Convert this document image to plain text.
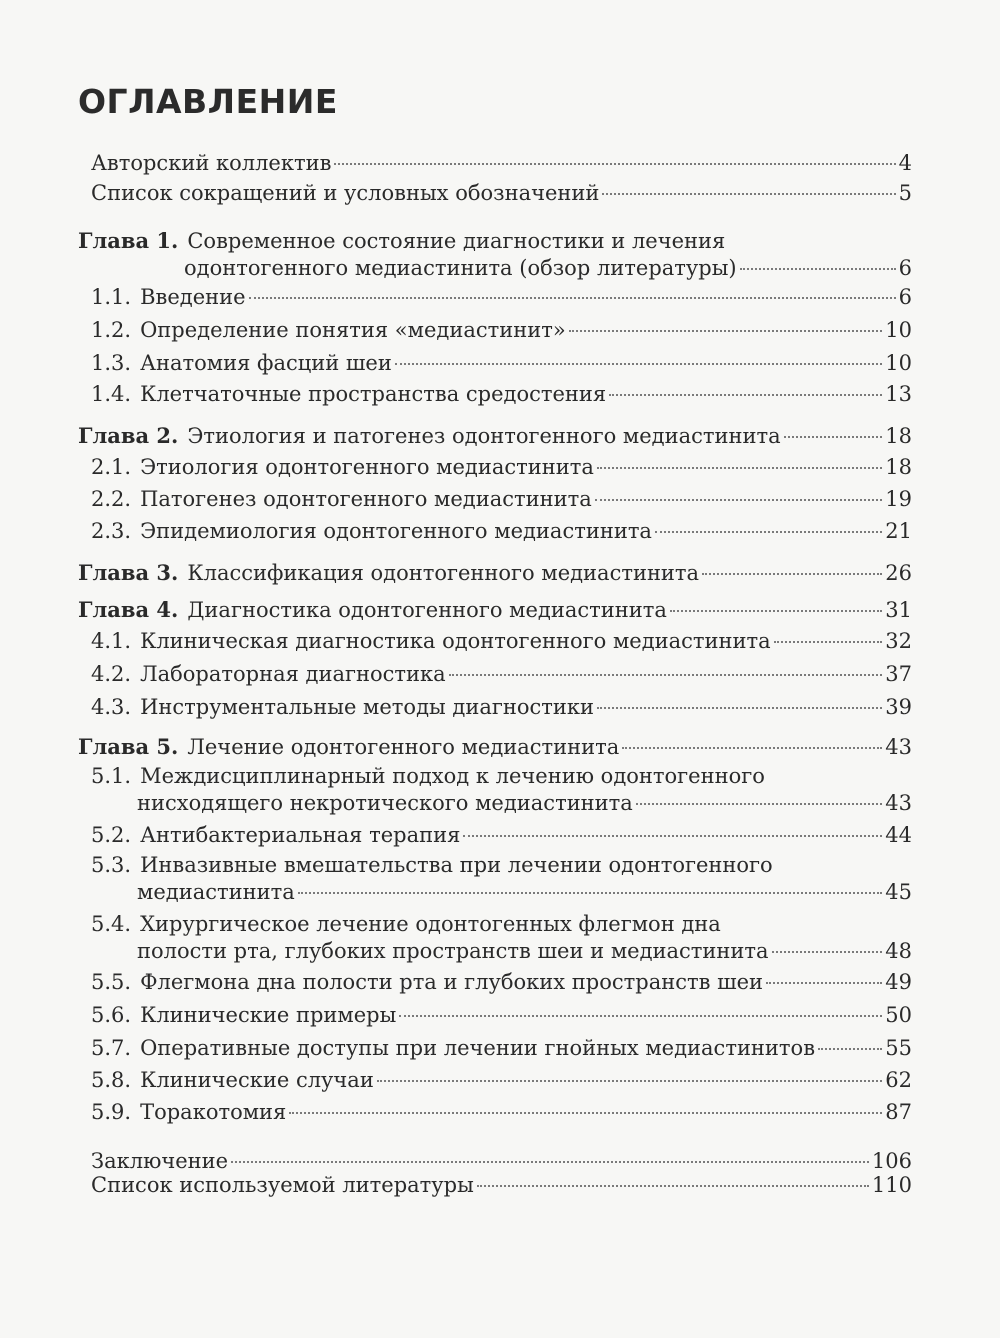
ОГЛАВЛЕНИЕ
Авторский коллектив	4
Список сокращений и условных обозначений	5
Глава 1. Современное состояние диагностики и лечения
одонтогенного медиастинита (обзор литературы)	6
1.1. Введение	6
1.2. Определение понятия «медиастинит»	10
1.3. Анатомия фасций шеи	10
1.4. Клетчаточные пространства средостения	13
Глава 2. Этиология и патогенез одонтогенного медиастинита	18
2.1. Этиология одонтогенного медиастинита	18
2.2. Патогенез одонтогенного медиастинита	19
2.3. Эпидемиология одонтогенного медиастинита	21
Глава 3. Классификация одонтогенного медиастинита	26
Глава 4. Диагностика одонтогенного медиастинита	31
4.1. Клиническая диагностика одонтогенного медиастинита	32
4.2. Лабораторная диагностика	37
4.3. Инструментальные методы диагностики	39
Глава 5. Лечение одонтогенного медиастинита	43
5.1. Междисциплинарный подход к лечению одонтогенного
нисходящего некротического медиастинита	43
5.2. Антибактериальная терапия	44
5.3. Инвазивные вмешательства при лечении одонтогенного
медиастинита	45
5.4. Хирургическое лечение одонтогенных флегмон дна
полости рта, глубоких пространств шеи и медиастинита	48
5.5. Флегмона дна полости рта и глубоких пространств шеи	49
5.6. Клинические примеры	50
5.7. Оперативные доступы при лечении гнойных медиастинитов	55
5.8. Клинические случаи	62
5.9. Торакотомия	87
Заключение	106
Список используемой литературы	110
